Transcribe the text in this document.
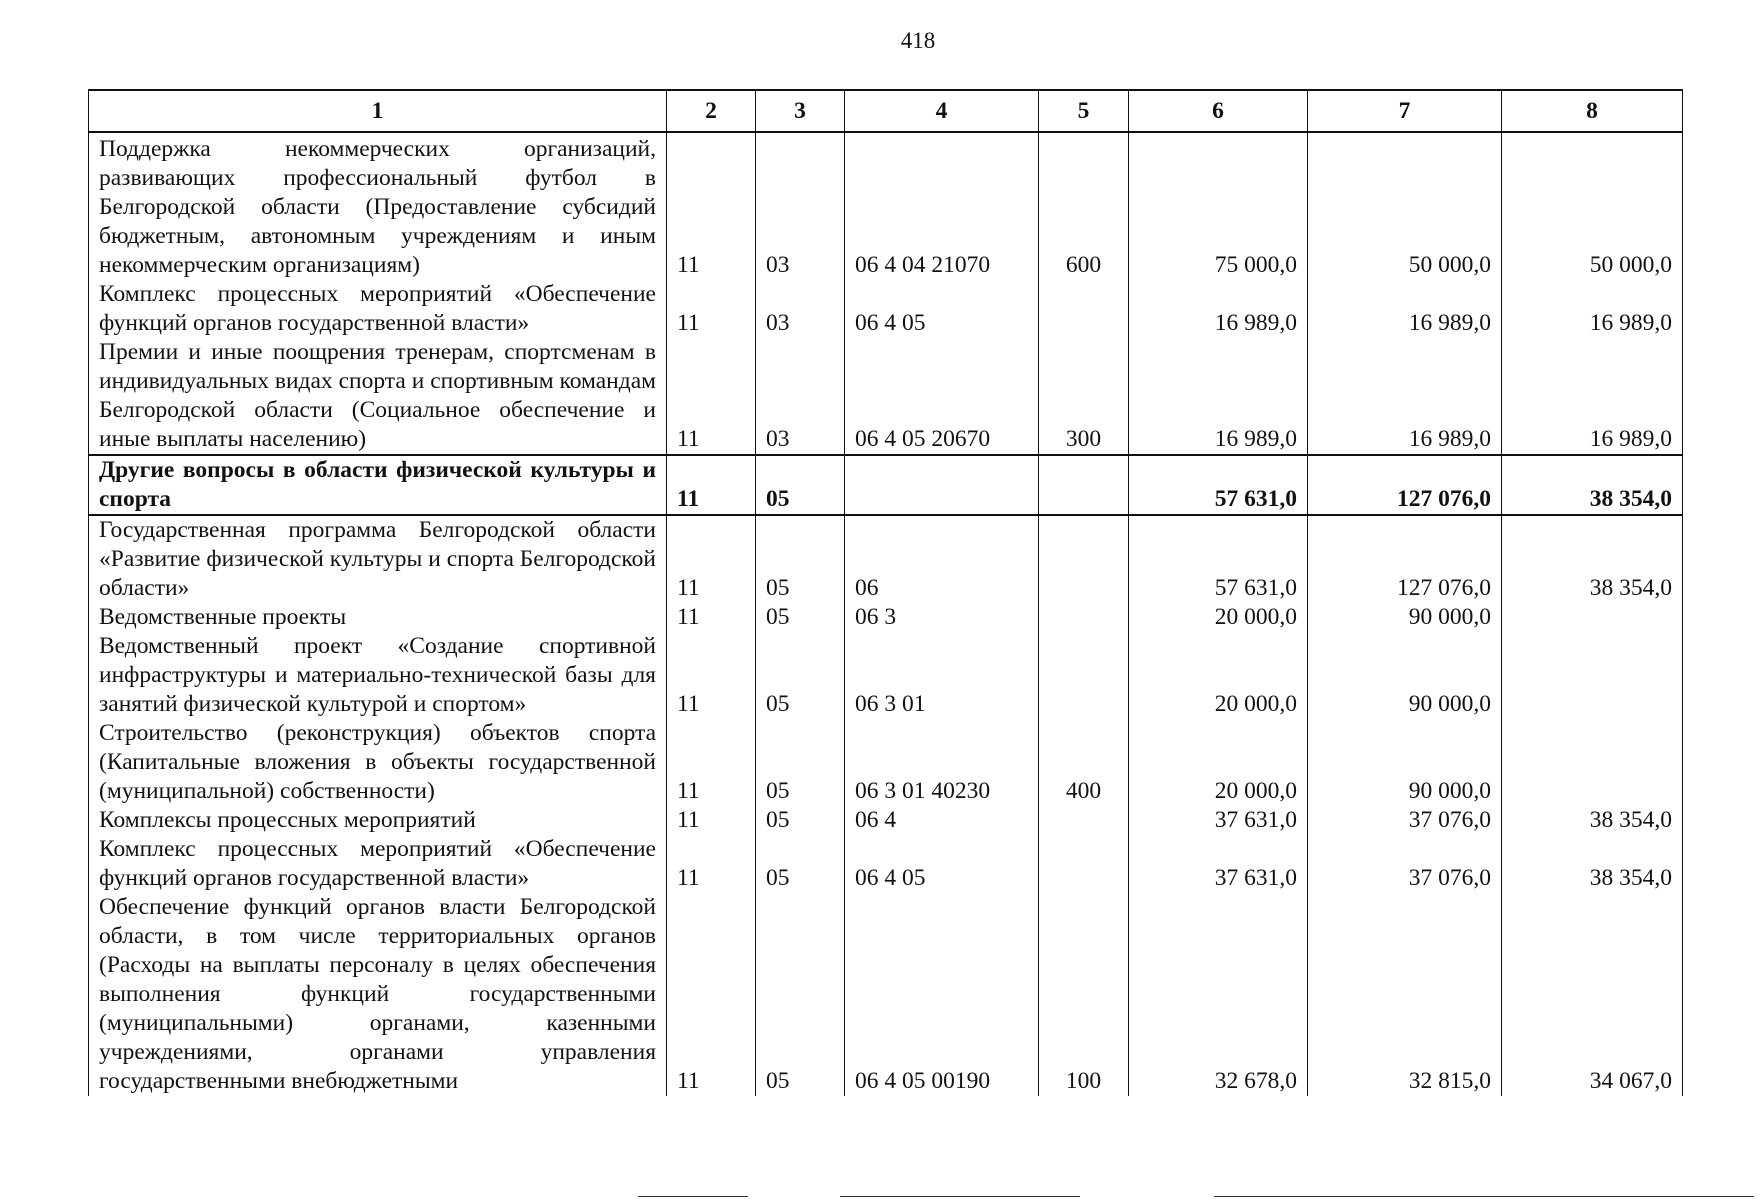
418
1	2	3	4	5	6	7	8
Поддержка некоммерческих организаций, развивающих профессиональный футбол в Белгородской области (Предоставление субсидий бюджетным, автономным учреждениям и иным некоммерческим организациям)	11	03	06 4 04 21070	600	75 000,0	50 000,0	50 000,0
Комплекс процессных мероприятий «Обеспечение функций органов государственной власти»	11	03	06 4 05		16 989,0	16 989,0	16 989,0
Премии и иные поощрения тренерам, спортсменам в индивидуальных видах спорта и спортивным командам Белгородской области (Социальное обеспечение и иные выплаты населению)	11	03	06 4 05 20670	300	16 989,0	16 989,0	16 989,0
Другие вопросы в области физической культуры и спорта	11	05			57 631,0	127 076,0	38 354,0
Государственная программа Белгородской области «Развитие физической культуры и спорта Белгородской области»	11	05	06		57 631,0	127 076,0	38 354,0
Ведомственные проекты	11	05	06 3		20 000,0	90 000,0	
Ведомственный проект «Создание спортивной инфраструктуры и материально-технической базы для занятий физической культурой и спортом»	11	05	06 3 01		20 000,0	90 000,0	
Строительство (реконструкция) объектов спорта (Капитальные вложения в объекты государственной (муниципальной) собственности)	11	05	06 3 01 40230	400	20 000,0	90 000,0	
Комплексы процессных мероприятий	11	05	06 4		37 631,0	37 076,0	38 354,0
Комплекс процессных мероприятий «Обеспечение функций органов государственной власти»	11	05	06 4 05		37 631,0	37 076,0	38 354,0
Обеспечение функций органов власти Белгородской области, в том числе территориальных органов (Расходы на выплаты персоналу в целях обеспечения выполнения функций государственными (муниципальными) органами, казенными учреждениями, органами управления государственными внебюджетными	11	05	06 4 05 00190	100	32 678,0	32 815,0	34 067,0
